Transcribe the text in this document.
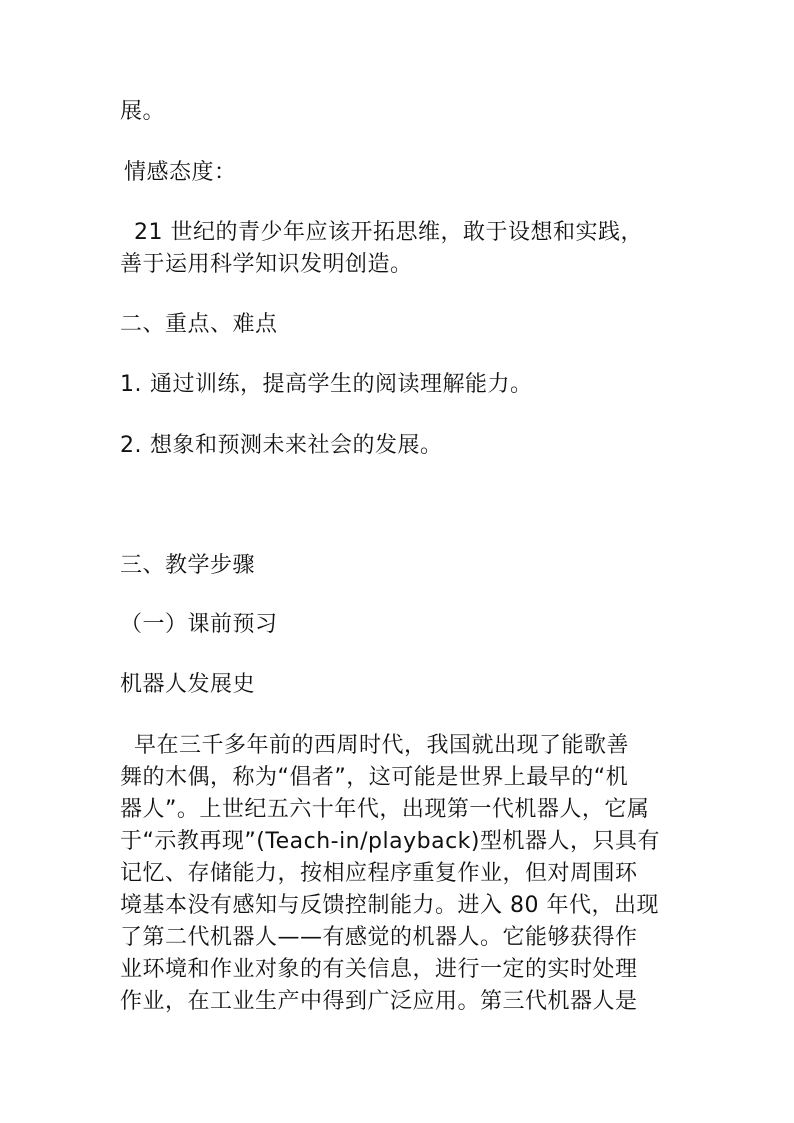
展。
情感态度：
21 世纪的青少年应该开拓思维，敢于设想和实践，
善于运用科学知识发明创造。
二、重点、难点
1. 通过训练，提高学生的阅读理解能力。
2. 想象和预测未来社会的发展。
三、教学步骤
（一）课前预习
机器人发展史
早在三千多年前的西周时代，我国就出现了能歌善
舞的木偶，称为“倡者”，这可能是世界上最早的“机
器人”。上世纪五六十年代，出现第一代机器人，它属
于“示教再现”(Teach-in/playback)型机器人，只具有
记忆、存储能力，按相应程序重复作业，但对周围环
境基本没有感知与反馈控制能力。进入 80 年代，出现
了第二代机器人——有感觉的机器人。它能够获得作
业环境和作业对象的有关信息，进行一定的实时处理
作业，在工业生产中得到广泛应用。第三代机器人是
